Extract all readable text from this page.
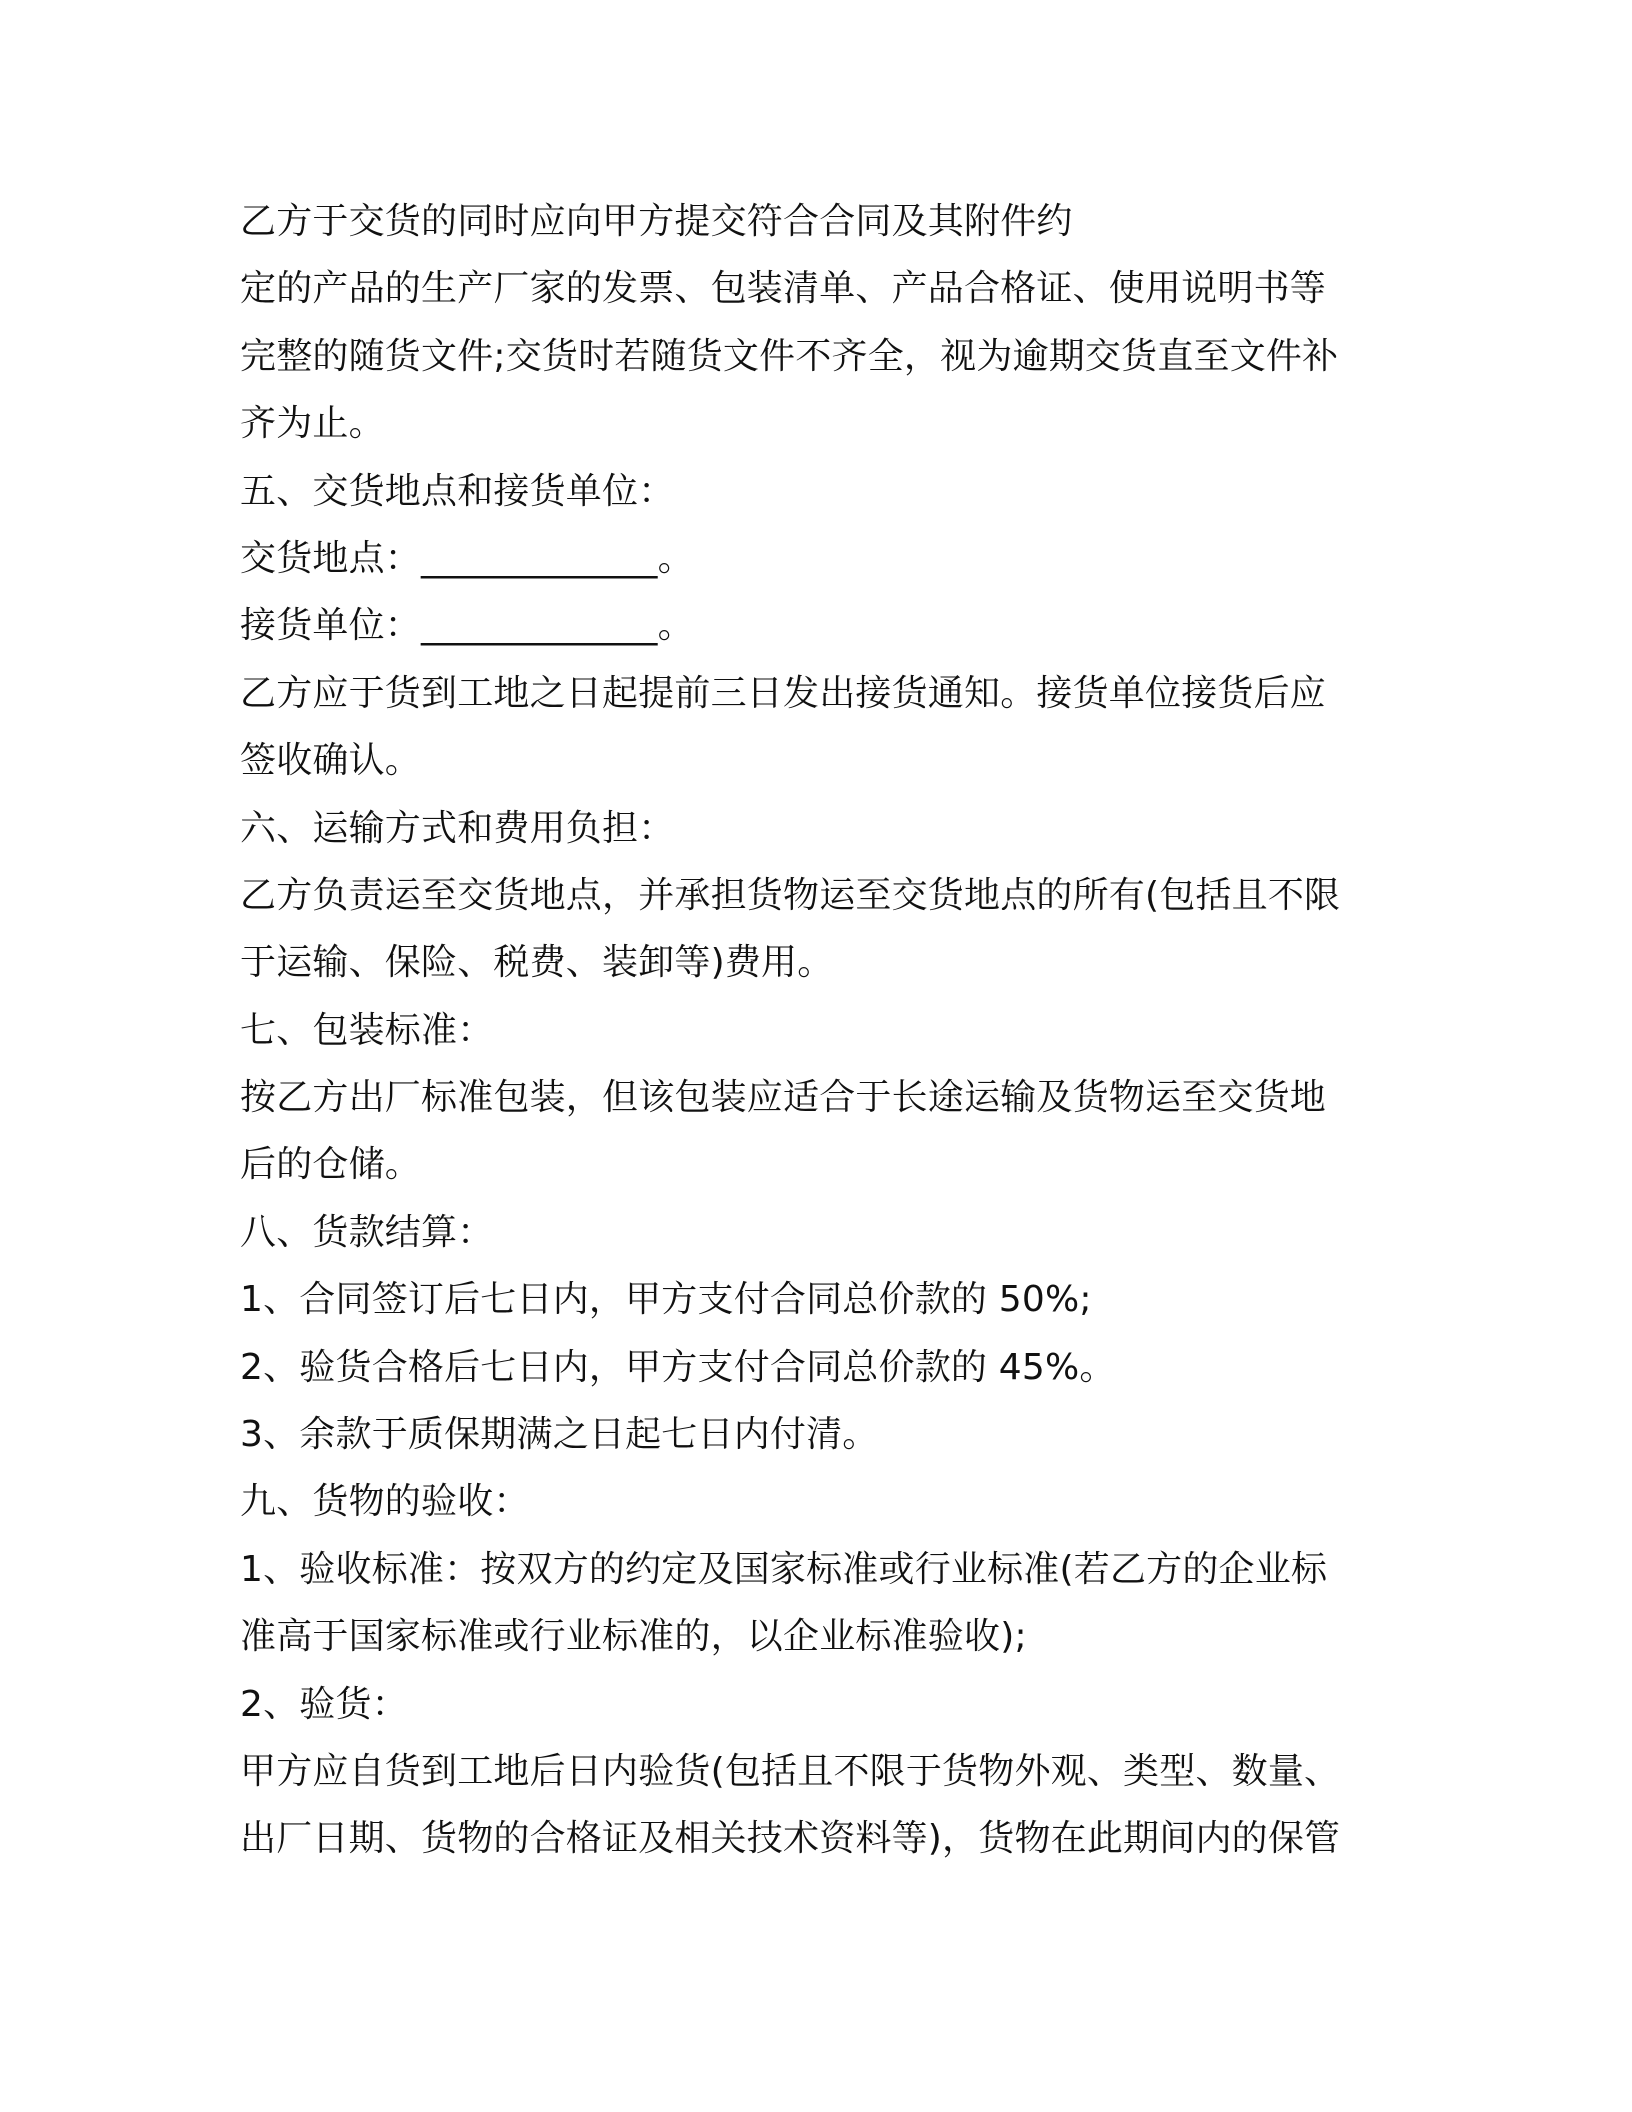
乙方于交货的同时应向甲方提交符合合同及其附件约
定的产品的生产厂家的发票、包装清单、产品合格证、使用说明书等
完整的随货文件;交货时若随货文件不齐全，视为逾期交货直至文件补
齐为止。
五、交货地点和接货单位：
交货地点：_____________。
接货单位：_____________。
乙方应于货到工地之日起提前三日发出接货通知。接货单位接货后应
签收确认。
六、运输方式和费用负担：
乙方负责运至交货地点，并承担货物运至交货地点的所有(包括且不限
于运输、保险、税费、装卸等)费用。
七、包装标准：
按乙方出厂标准包装，但该包装应适合于长途运输及货物运至交货地
后的仓储。
八、货款结算：
1、合同签订后七日内，甲方支付合同总价款的 50%;
2、验货合格后七日内，甲方支付合同总价款的 45%。
3、余款于质保期满之日起七日内付清。
九、货物的验收：
1、验收标准：按双方的约定及国家标准或行业标准(若乙方的企业标
准高于国家标准或行业标准的，以企业标准验收);
2、验货：
甲方应自货到工地后日内验货(包括且不限于货物外观、类型、数量、
出厂日期、货物的合格证及相关技术资料等)，货物在此期间内的保管
